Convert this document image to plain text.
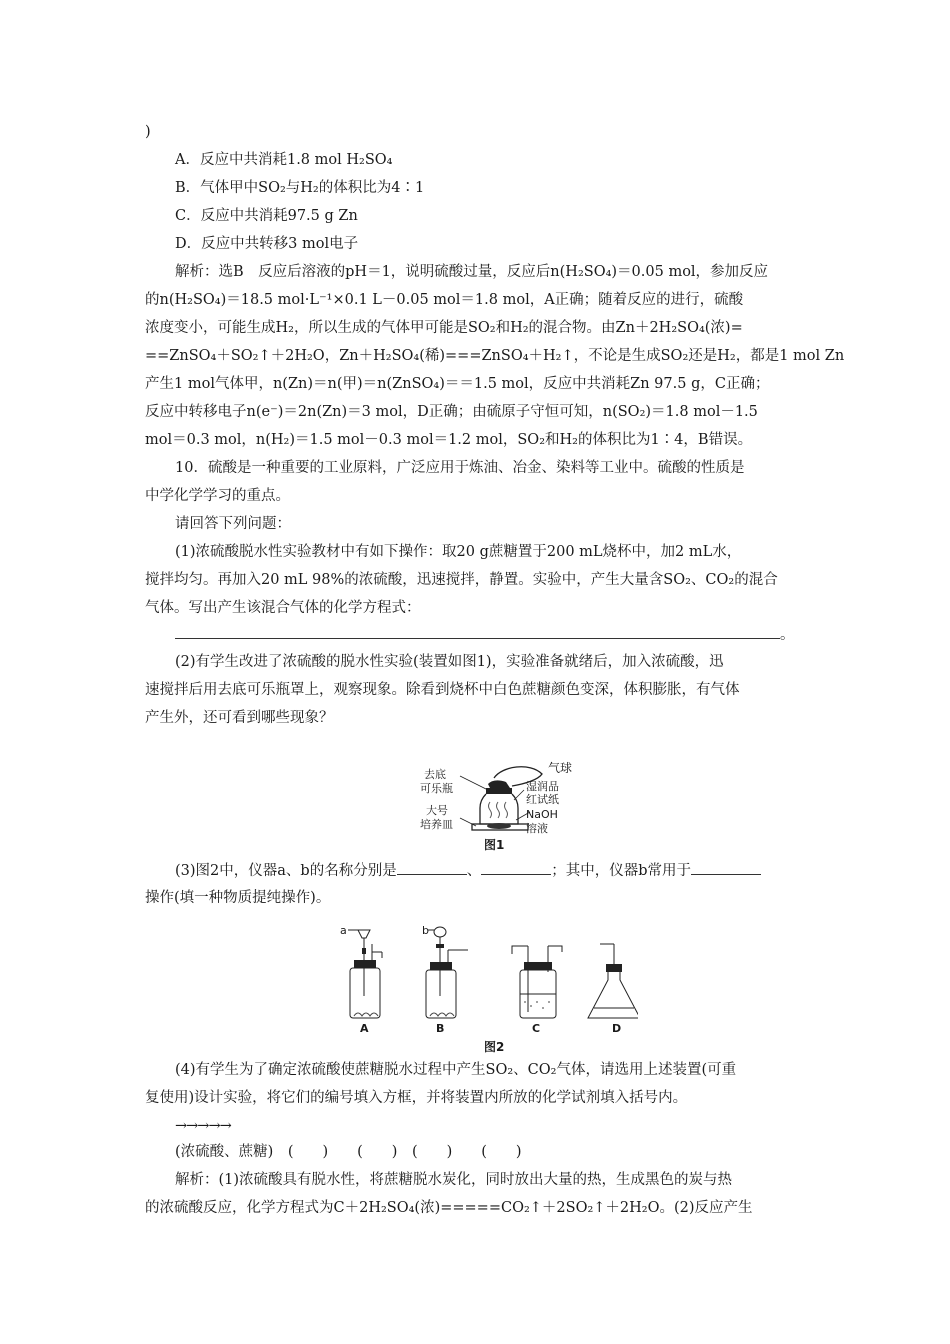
)
A．反应中共消耗1.8 mol H₂SO₄
B．气体甲中SO₂与H₂的体积比为4∶1
C．反应中共消耗97.5 g Zn
D．反应中共转移3 mol电子
解析：选B　反应后溶液的pH＝1，说明硫酸过量，反应后n(H₂SO₄)＝0.05 mol，参加反应
的n(H₂SO₄)＝18.5 mol·L⁻¹×0.1 L－0.05 mol＝1.8 mol，A正确；随着反应的进行，硫酸
浓度变小，可能生成H₂，所以生成的气体甲可能是SO₂和H₂的混合物。由Zn＋2H₂SO₄(浓)=
==ZnSO₄＋SO₂↑＋2H₂O，Zn＋H₂SO₄(稀)===ZnSO₄＋H₂↑，不论是生成SO₂还是H₂，都是1 mol Zn
产生1 mol气体甲，n(Zn)＝n(甲)＝n(ZnSO₄)＝＝1.5 mol，反应中共消耗Zn 97.5 g，C正确；
反应中转移电子n(e⁻)＝2n(Zn)＝3 mol，D正确；由硫原子守恒可知，n(SO₂)＝1.8 mol－1.5
mol＝0.3 mol，n(H₂)＝1.5 mol－0.3 mol＝1.2 mol，SO₂和H₂的体积比为1∶4，B错误。
10．硫酸是一种重要的工业原料，广泛应用于炼油、冶金、染料等工业中。硫酸的性质是
中学化学学习的重点。
请回答下列问题：
(1)浓硫酸脱水性实验教材中有如下操作：取20 g蔗糖置于200 mL烧杯中，加2 mL水，
搅拌均匀。再加入20 mL 98%的浓硫酸，迅速搅拌，静置。实验中，产生大量含SO₂、CO₂的混合
气体。写出产生该混合气体的化学方程式：
。
(2)有学生改进了浓硫酸的脱水性实验(装置如图1)，实验准备就绪后，加入浓硫酸，迅
速搅拌后用去底可乐瓶罩上，观察现象。除看到烧杯中白色蔗糖颜色变深，体积膨胀，有气体
产生外，还可看到哪些现象？
气球
去底
可乐瓶	湿润品
红试纸
大号
培养皿
NaOH
溶液
图1
(3)图2中，仪器a、b的名称分别是	、	；其中，仪器b常用于
操作(填一种物质提纯操作)。
a	b
A	B	C	D
图2
(4)有学生为了确定浓硫酸使蔗糖脱水过程中产生SO₂、CO₂气体，请选用上述装置(可重
复使用)设计实验，将它们的编号填入方框，并将装置内所放的化学试剂填入括号内。
→→→→→
(浓硫酸、蔗糖)　(　　)　　(　　)　(　　)　　(　　)
解析：(1)浓硫酸具有脱水性，将蔗糖脱水炭化，同时放出大量的热，生成黑色的炭与热
的浓硫酸反应，化学方程式为C＋2H₂SO₄(浓)=====CO₂↑＋2SO₂↑＋2H₂O。(2)反应产生
